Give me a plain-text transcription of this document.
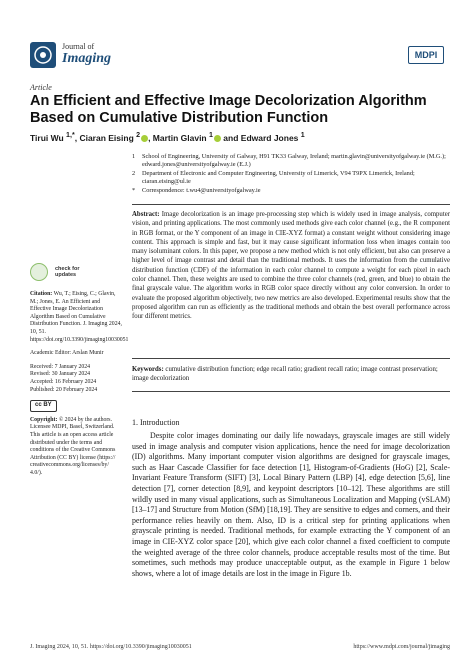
Journal of
Imaging	MDPI
Article
An Efficient and Effective Image Decolorization Algorithm Based on Cumulative Distribution Function
Tirui Wu $^{1,*}$, Ciaran Eising $^2$ , Martin Glavin $^1$ and Edward Jones $^1$
1	School of Engineering, University of Galway, H91 TK33 Galway, Ireland; martin.glavin@universityofgalway.ie (M.G.); edward.jones@universityofgalway.ie (E.J.)
2	Department of Electronic and Computer Engineering, University of Limerick, V94 T9PX Limerick, Ireland; ciaran.eising@ul.ie
*	Correspondence: t.wu4@universityofgalway.ie
Abstract: Image decolorization is an image pre-processing step which is widely used in image analysis, computer vision, and printing applications. The most commonly used methods give each color channel (e.g., the R component in RGB format, or the Y component of an image in CIE-XYZ format) a constant weight without considering image content. This approach is simple and fast, but it may cause significant information loss when images contain too many isoluminant colors. In this paper, we propose a new method which is not only efficient, but also can preserve a higher level of image contrast and detail than the traditional methods. It uses the information from the cumulative distribution function (CDF) of the information in each color channel to compute a weight for each pixel in each color channel. Then, these weights are used to combine the three color channels (red, green, and blue) to obtain the final grayscale value. The algorithm works in RGB color space directly without any color conversion. In order to evaluate the proposed algorithm objectively, two new metrics are also developed. Experimental results show that the proposed algorithm can run as efficiently as the traditional methods and obtain the best overall performance across four different metrics.
Keywords: cumulative distribution function; edge recall ratio; gradient recall ratio; image contrast preservation; image decolorization
check for
updates

Citation: Wu, T.; Eising, C.; Glavin, M.; Jones, E. An Efficient and Effective Image Decolorization Algorithm Based on Cumulative Distribution Function. J. Imaging 2024, 10, 51. https://doi.org/10.3390/jimaging10030051

Academic Editor: Arslan Munir

Received: 7 January 2024
Revised: 30 January 2024
Accepted: 16 February 2024

Published: 20 February 2024

cc BY

Copyright: © 2024 by the authors. Licensee MDPI, Basel, Switzerland. This article is an open access article distributed under the terms and conditions of the Creative Commons Attribution (CC BY) license (https:// creativecommons.org/licenses/by/ 4.0/).

1. Introduction
Despite color images dominating our daily life nowadays, grayscale images are still widely used in image analysis and computer vision applications, hence the need for image decolorization (ID) algorithms. Many important computer vision algorithms are designed for grayscale images, such as Haar Cascade Classifier for face detection [1], Histogram-of-Gradients (HoG) [2], Scale-Invariant Feature Transform (SIFT) [3], Local Binary Pattern (LBP) [4], edge detection [5,6], line detection [7], corner detection [8,9], and keypoint descriptors [10–12]. These algorithms are still wildly used in many visual applications, such as Simultaneous Localization and Mapping (vSLAM) [13–17] and Structure from Motion (SfM) [18,19]. They are sensitive to edges and corners, and their performance relies heavily on them. Also, ID is a critical step for printing applications when grayscale printing is needed. Traditional methods, for example extracting the Y component of an image in CIE-XYZ color space [20], which give each color channel a fixed coefficient to compute the weighted average of the three color channels, produce acceptable results most of the time. But sometimes, such methods may produce unacceptable output, as the example in Figure 1 below shows, where a lot of image details are lost in the image in Figure 1b.
J. Imaging 2024, 10, 51. https://doi.org/10.3390/jimaging10030051	https://www.mdpi.com/journal/jimaging
